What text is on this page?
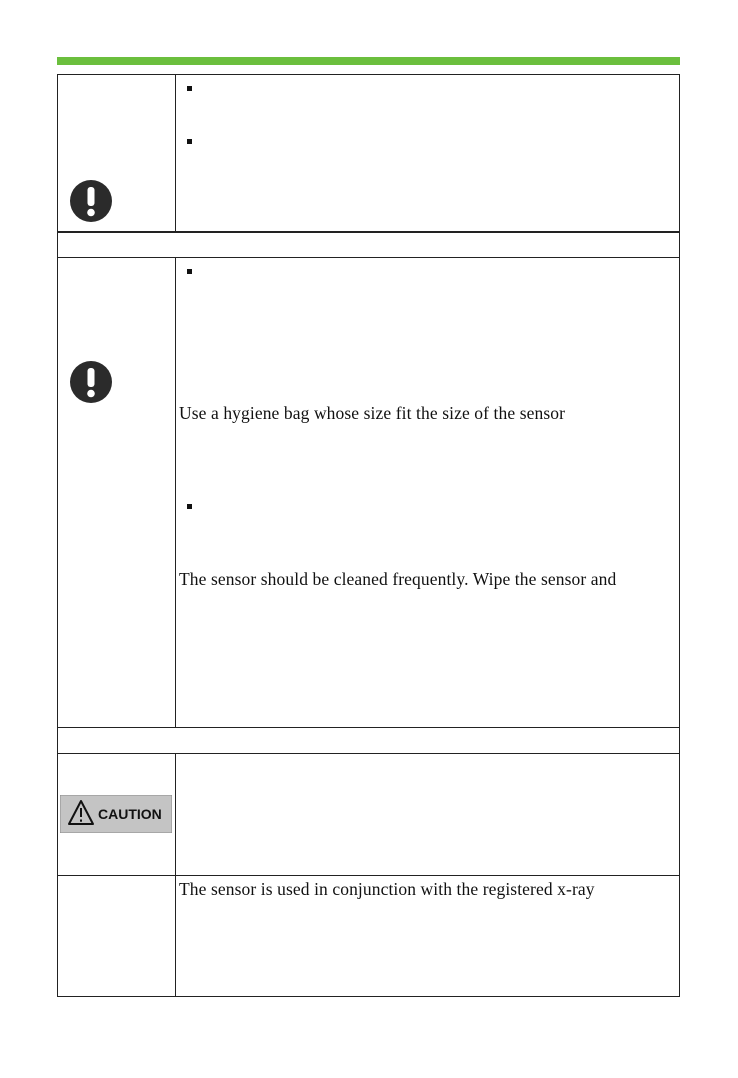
Use a hygiene bag whose size fit the size of the sensor
The sensor should be cleaned frequently. Wipe the sensor and
CAUTION
The sensor is used in conjunction with the registered x-ray
